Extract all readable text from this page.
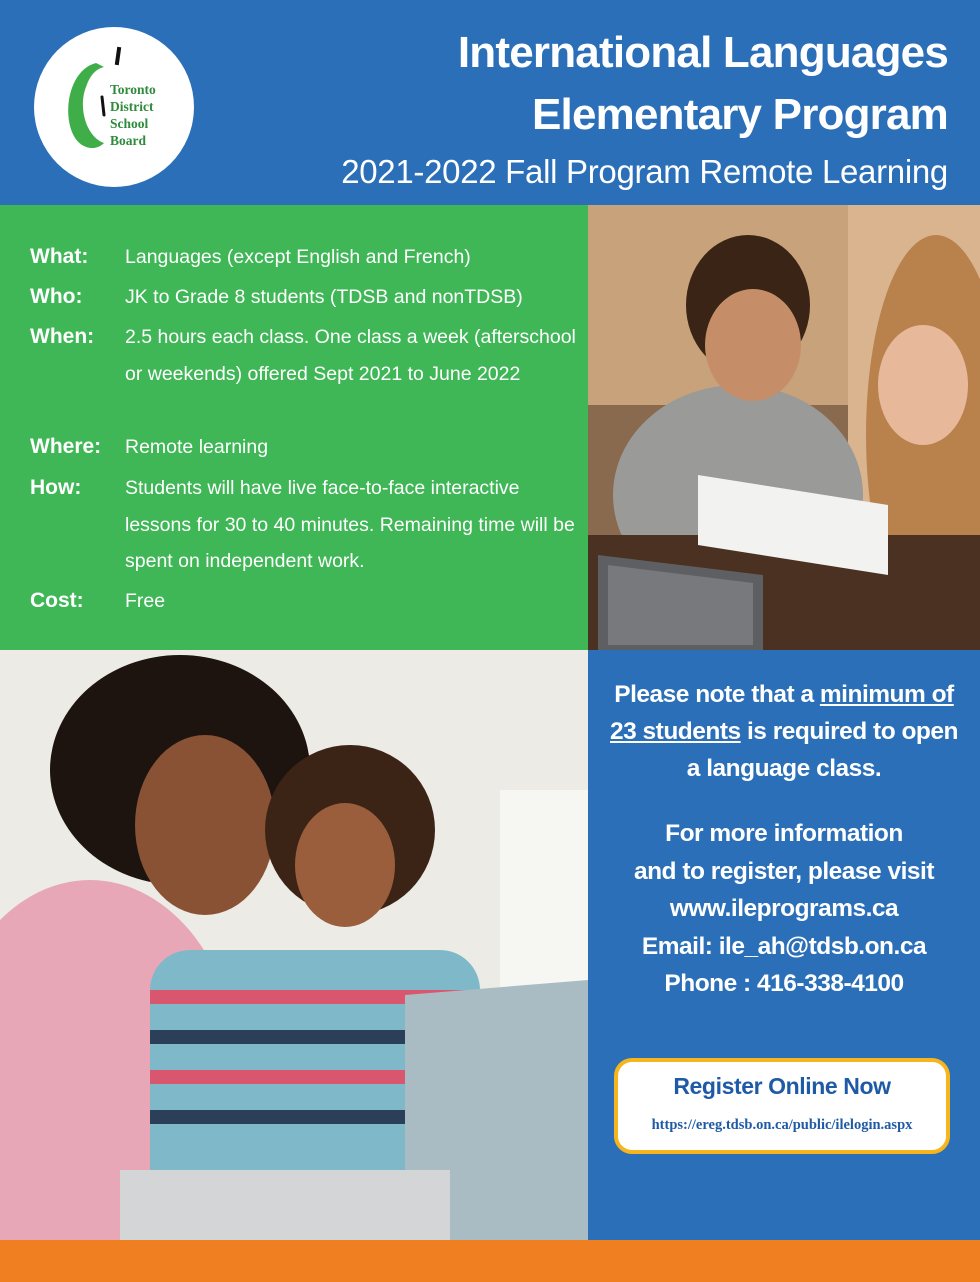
Toronto
District
School
Board
International Languages
Elementary Program
2021-2022 Fall Program Remote Learning
What: Languages (except English and French)
Who: JK to Grade 8 students (TDSB and nonTDSB)
When: 2.5 hours each class. One class a week (afterschool or weekends) offered Sept 2021 to June 2022
Where: Remote learning
How: Students will have live face-to-face interactive lessons for 30 to 40 minutes. Remaining time will be spent on independent work.
Cost: Free
Please note that a minimum of 23 students is required to open a language class.
For more information
and to register, please visit
www.ileprograms.ca
Email: ile_ah@tdsb.on.ca
Phone : 416-338-4100
Register Online Now
https://ereg.tdsb.on.ca/public/ilelogin.aspx
